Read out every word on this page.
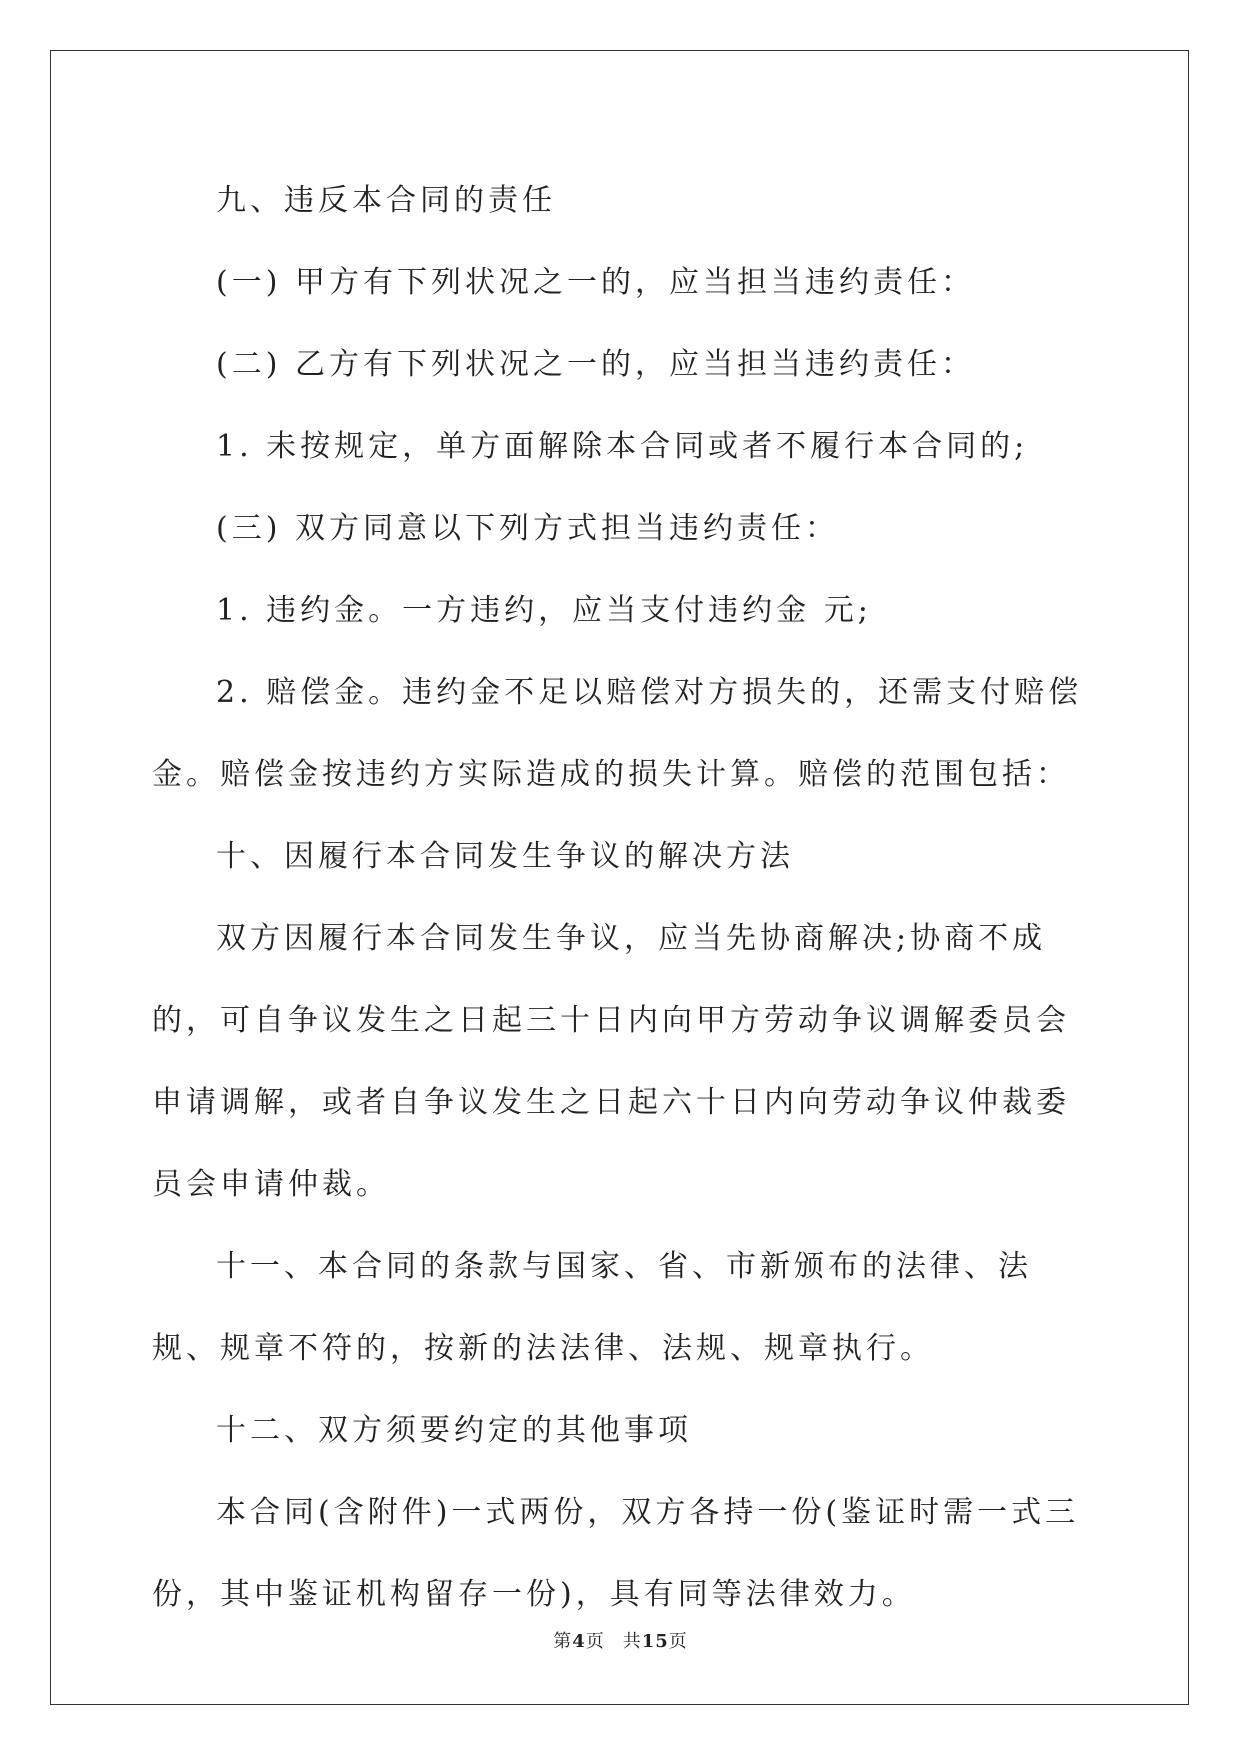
九、违反本合同的责任

(一) 甲方有下列状况之一的，应当担当违约责任：

(二) 乙方有下列状况之一的，应当担当违约责任：

1. 未按规定，单方面解除本合同或者不履行本合同的;

(三) 双方同意以下列方式担当违约责任：

1. 违约金。一方违约，应当支付违约金 元;

2. 赔偿金。违约金不足以赔偿对方损失的，还需支付赔偿金。赔偿金按违约方实际造成的损失计算。赔偿的范围包括：

十、因履行本合同发生争议的解决方法

双方因履行本合同发生争议，应当先协商解决;协商不成的，可自争议发生之日起三十日内向甲方劳动争议调解委员会申请调解，或者自争议发生之日起六十日内向劳动争议仲裁委员会申请仲裁。

十一、本合同的条款与国家、省、市新颁布的法律、法规、规章不符的，按新的法法律、法规、规章执行。

十二、双方须要约定的其他事项

本合同(含附件)一式两份，双方各持一份(鉴证时需一式三份，其中鉴证机构留存一份)，具有同等法律效力。

第4页 共15页
